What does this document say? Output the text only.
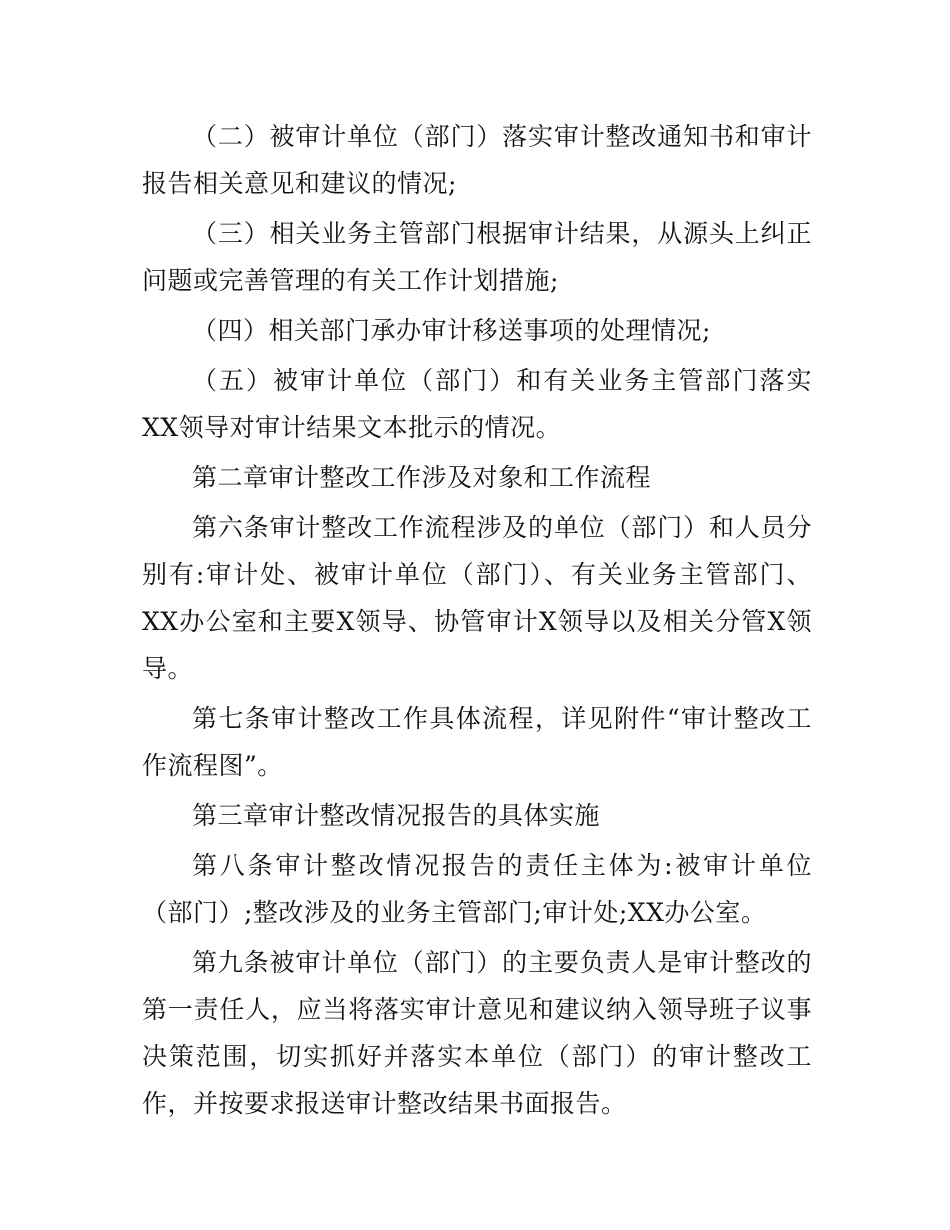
（二）被审计单位（部门）落实审计整改通知书和审计报告相关意见和建议的情况;

（三）相关业务主管部门根据审计结果，从源头上纠正问题或完善管理的有关工作计划措施;

（四）相关部门承办审计移送事项的处理情况;

（五）被审计单位（部门）和有关业务主管部门落实XX领导对审计结果文本批示的情况。

第二章审计整改工作涉及对象和工作流程

第六条审计整改工作流程涉及的单位（部门）和人员分别有:审计处、被审计单位（部门）、有关业务主管部门、XX办公室和主要X领导、协管审计X领导以及相关分管X领导。

第七条审计整改工作具体流程，详见附件“审计整改工作流程图”。

第三章审计整改情况报告的具体实施

第八条审计整改情况报告的责任主体为:被审计单位（部门）;整改涉及的业务主管部门;审计处;XX办公室。

第九条被审计单位（部门）的主要负责人是审计整改的第一责任人，应当将落实审计意见和建议纳入领导班子议事决策范围，切实抓好并落实本单位（部门）的审计整改工作，并按要求报送审计整改结果书面报告。
